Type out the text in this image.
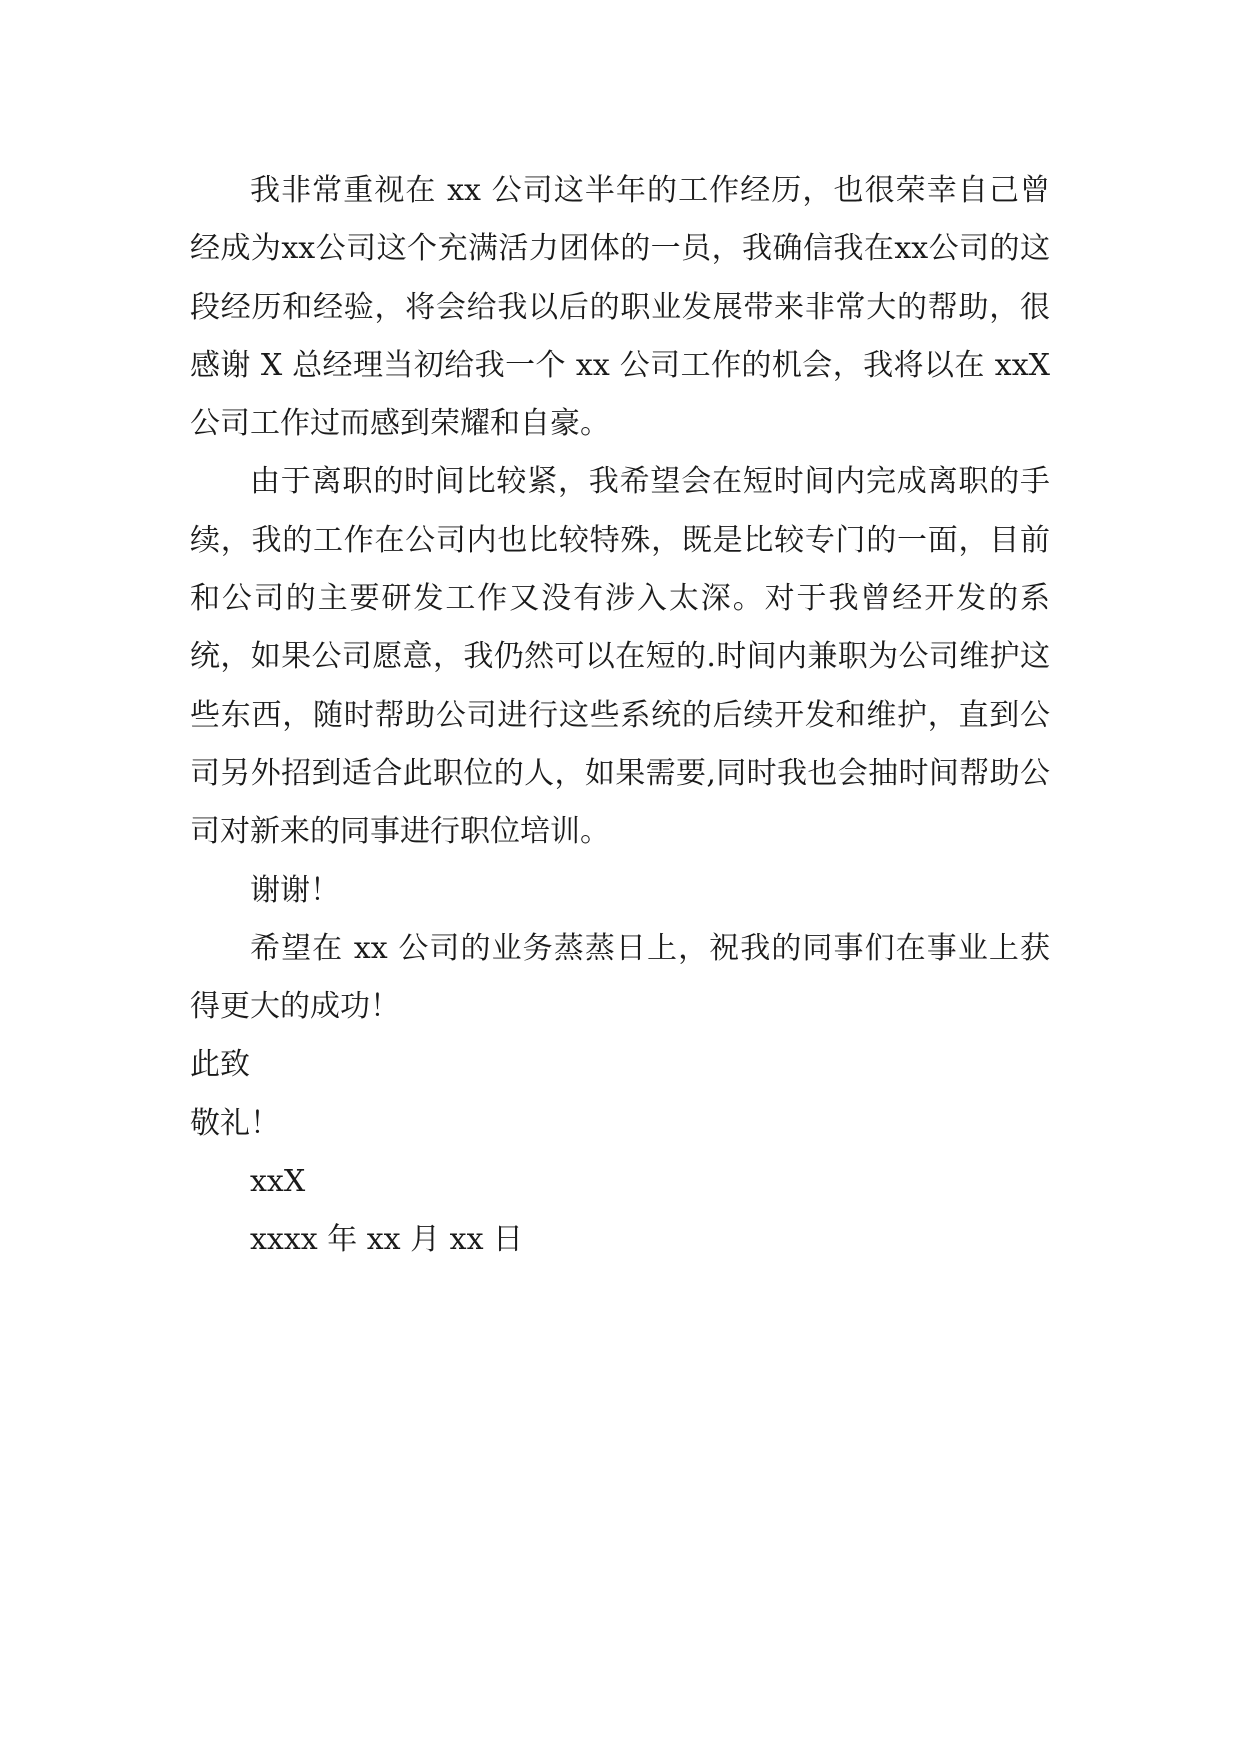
我非常重视在 xx 公司这半年的工作经历，也很荣幸自己曾经成为xx公司这个充满活力团体的一员，我确信我在xx公司的这段经历和经验，将会给我以后的职业发展带来非常大的帮助，很感谢 X 总经理当初给我一个 xx 公司工作的机会，我将以在 xxX 公司工作过而感到荣耀和自豪。

由于离职的时间比较紧，我希望会在短时间内完成离职的手续，我的工作在公司内也比较特殊，既是比较专门的一面，目前和公司的主要研发工作又没有涉入太深。对于我曾经开发的系统，如果公司愿意，我仍然可以在短的.时间内兼职为公司维护这些东西，随时帮助公司进行这些系统的后续开发和维护，直到公司另外招到适合此职位的人，如果需要,同时我也会抽时间帮助公司对新来的同事进行职位培训。

谢谢！

希望在 xx 公司的业务蒸蒸日上，祝我的同事们在事业上获得更大的成功！

此致

敬礼！

xxX

xxxx 年 xx 月 xx 日
